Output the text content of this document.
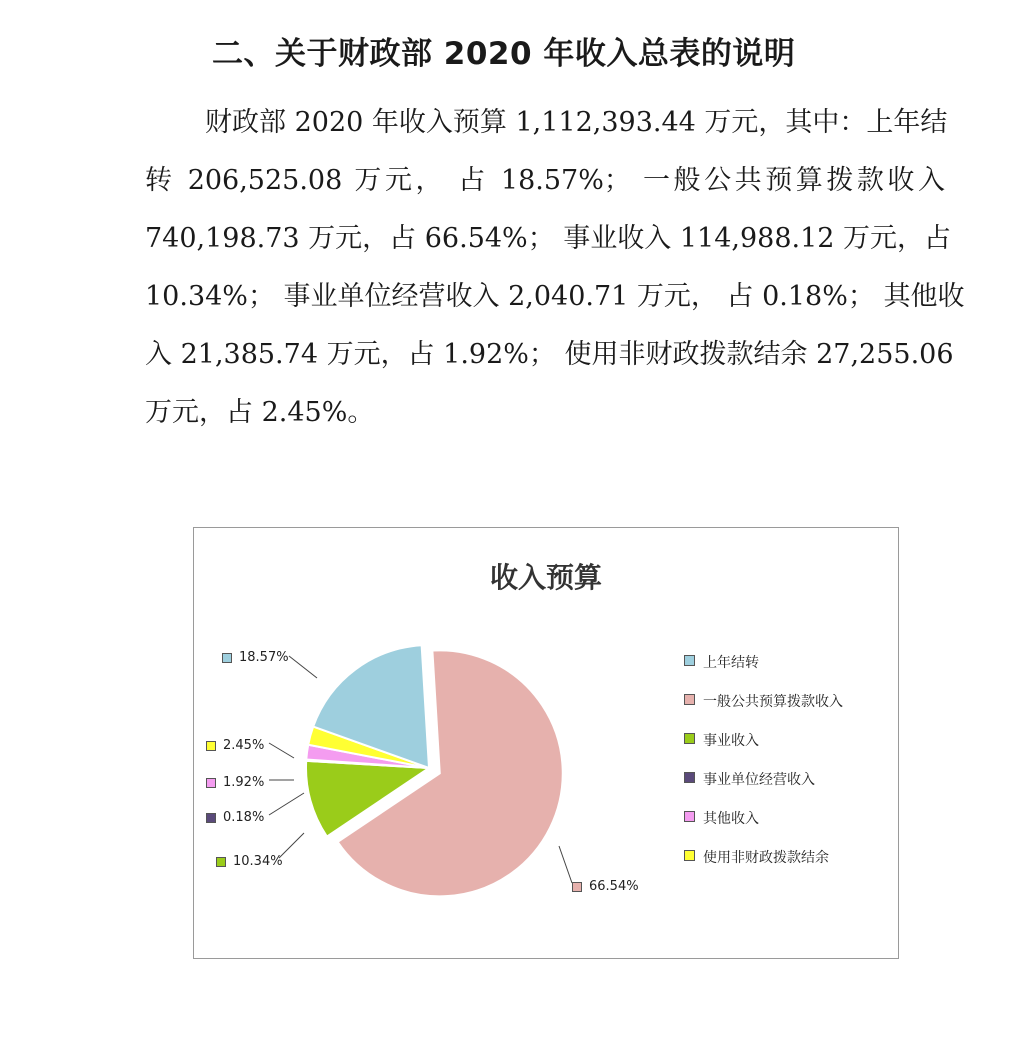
二、关于财政部 2020 年收入总表的说明
财政部 2020 年收入预算 1,112,393.44 万元，其中：上年结
转 206,525.08 万元， 占 18.57%； 一般公共预算拨款收入
740,198.73 万元，占 66.54%； 事业收入 114,988.12 万元，占
10.34%； 事业单位经营收入 2,040.71 万元， 占 0.18%； 其他收
入 21,385.74 万元，占 1.92%； 使用非财政拨款结余 27,255.06
万元，占 2.45%。
收入预算
上年结转
一般公共预算拨款收入
事业收入
事业单位经营收入
其他收入
使用非财政拨款结余
66.54%
10.34%
0.18%
1.92%
2.45%
18.57%
